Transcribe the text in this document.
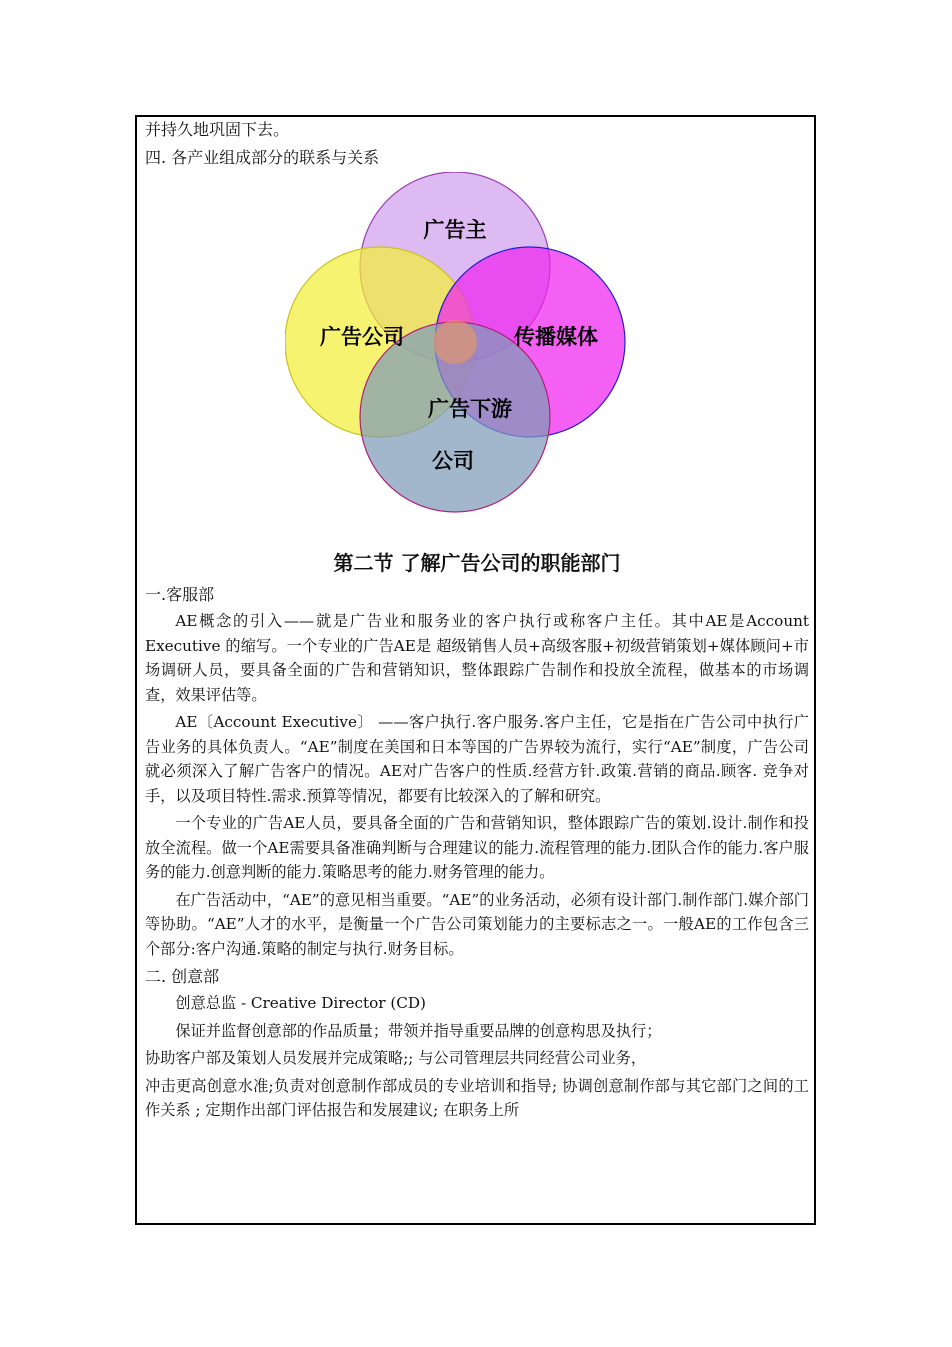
并持久地巩固下去。
四. 各产业组成部分的联系与关系
广告主
广告公司	传播媒体
广告下游
公司
第二节 了解广告公司的职能部门
一.客服部

AE概念的引入——就是广告业和服务业的客户执行或称客户主任。其中AE是Account Executive 的缩写。一个专业的广告AE是 超级销售人员+高级客服+初级营销策划+媒体顾问+市场调研人员，要具备全面的广告和营销知识，整体跟踪广告制作和投放全流程，做基本的市场调查，效果评估等。

AE〔Account Executive〕 ——客户执行.客户服务.客户主任，它是指在广告公司中执行广告业务的具体负责人。“AE”制度在美国和日本等国的广告界较为流行，实行“AE”制度，广告公司就必须深入了解广告客户的情况。AE对广告客户的性质.经营方针.政策.营销的商品.顾客. 竞争对手，以及项目特性.需求.预算等情况，都要有比较深入的了解和研究。

一个专业的广告AE人员，要具备全面的广告和营销知识，整体跟踪广告的策划.设计.制作和投放全流程。做一个AE需要具备准确判断与合理建议的能力.流程管理的能力.团队合作的能力.客户服务的能力.创意判断的能力.策略思考的能力.财务管理的能力。

在广告活动中，“AE”的意见相当重要。“AE”的业务活动，必须有设计部门.制作部门.媒介部门等协助。“AE”人才的水平，是衡量一个广告公司策划能力的主要标志之一。一般AE的工作包含三个部分:客户沟通.策略的制定与执行.财务目标。

二. 创意部

创意总监 - Creative Director (CD)

保证并监督创意部的作品质量；带领并指导重要品牌的创意构思及执行；

协助客户部及策划人员发展并完成策略;; 与公司管理层共同经营公司业务，

冲击更高创意水准;负责对创意制作部成员的专业培训和指导; 协调创意制作部与其它部门之间的工作关系 ; 定期作出部门评估报告和发展建议; 在职务上所
